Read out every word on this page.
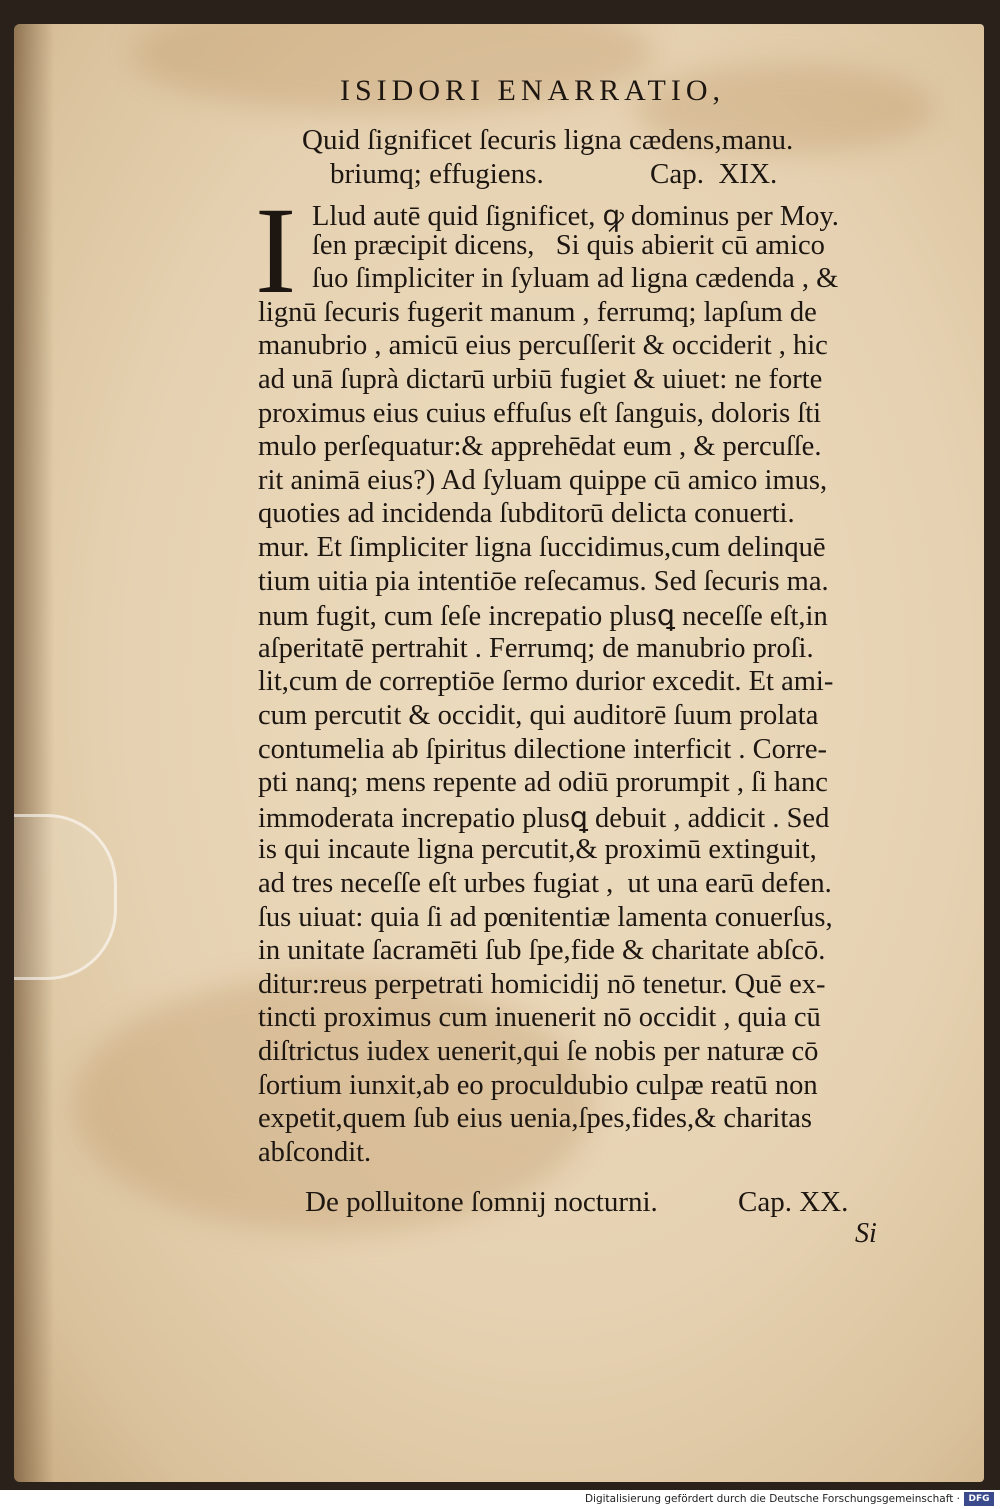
ISIDORI ENARRATIO,
Quid ſignificet ſecuris ligna cædens,manu.
briumq; effugiens.	Cap.  XIX.
I Llud autē quid ſignificet, ꝙ dominus per Moy.
ſen præcipit dicens,   Si quis abierit cū amico
ſuo ſimpliciter in ſyluam ad ligna cædenda , &
lignū ſecuris fugerit manum , ferrumq; lapſum de
manubrio , amicū eius percuſſerit & occiderit , hic
ad unā ſuprà dictarū urbiū fugiet & uiuet: ne forte
proximus eius cuius effuſus eſt ſanguis, doloris ſti
mulo perſequatur:& apprehēdat eum , & percuſſe.
rit animā eius?) Ad ſyluam quippe cū amico imus,
quoties ad incidenda ſubditorū delicta conuerti.
mur. Et ſimpliciter ligna ſuccidimus,cum delinquē
tium uitia pia intentiōe reſecamus. Sed ſecuris ma.
num fugit, cum ſeſe increpatio plusꝗ neceſſe eſt,in
aſperitatē pertrahit . Ferrumq; de manubrio proſi.
lit,cum de correptiōe ſermo durior excedit. Et ami-
cum percutit & occidit, qui auditorē ſuum prolata
contumelia ab ſpiritus dilectione interficit . Corre-
pti nanq; mens repente ad odiū prorumpit , ſi hanc
immoderata increpatio plusꝗ debuit , addicit . Sed
is qui incaute ligna percutit,& proximū extinguit,
ad tres neceſſe eſt urbes fugiat ,  ut una earū defen.
ſus uiuat: quia ſi ad pœnitentiæ lamenta conuerſus,
in unitate ſacramēti ſub ſpe,fide & charitate abſcō.
ditur:reus perpetrati homicidij nō tenetur. Quē ex-
tincti proximus cum inuenerit nō occidit , quia cū
diſtrictus iudex uenerit,qui ſe nobis per naturæ cō
ſortium iunxit,ab eo proculdubio culpæ reatū non
expetit,quem ſub eius uenia,ſpes,fides,& charitas
abſcondit.
De polluitone ſomnij nocturni.	Cap. XX.
Si
Digitalisierung gefördert durch die Deutsche Forschungsgemeinschaft · DFG
